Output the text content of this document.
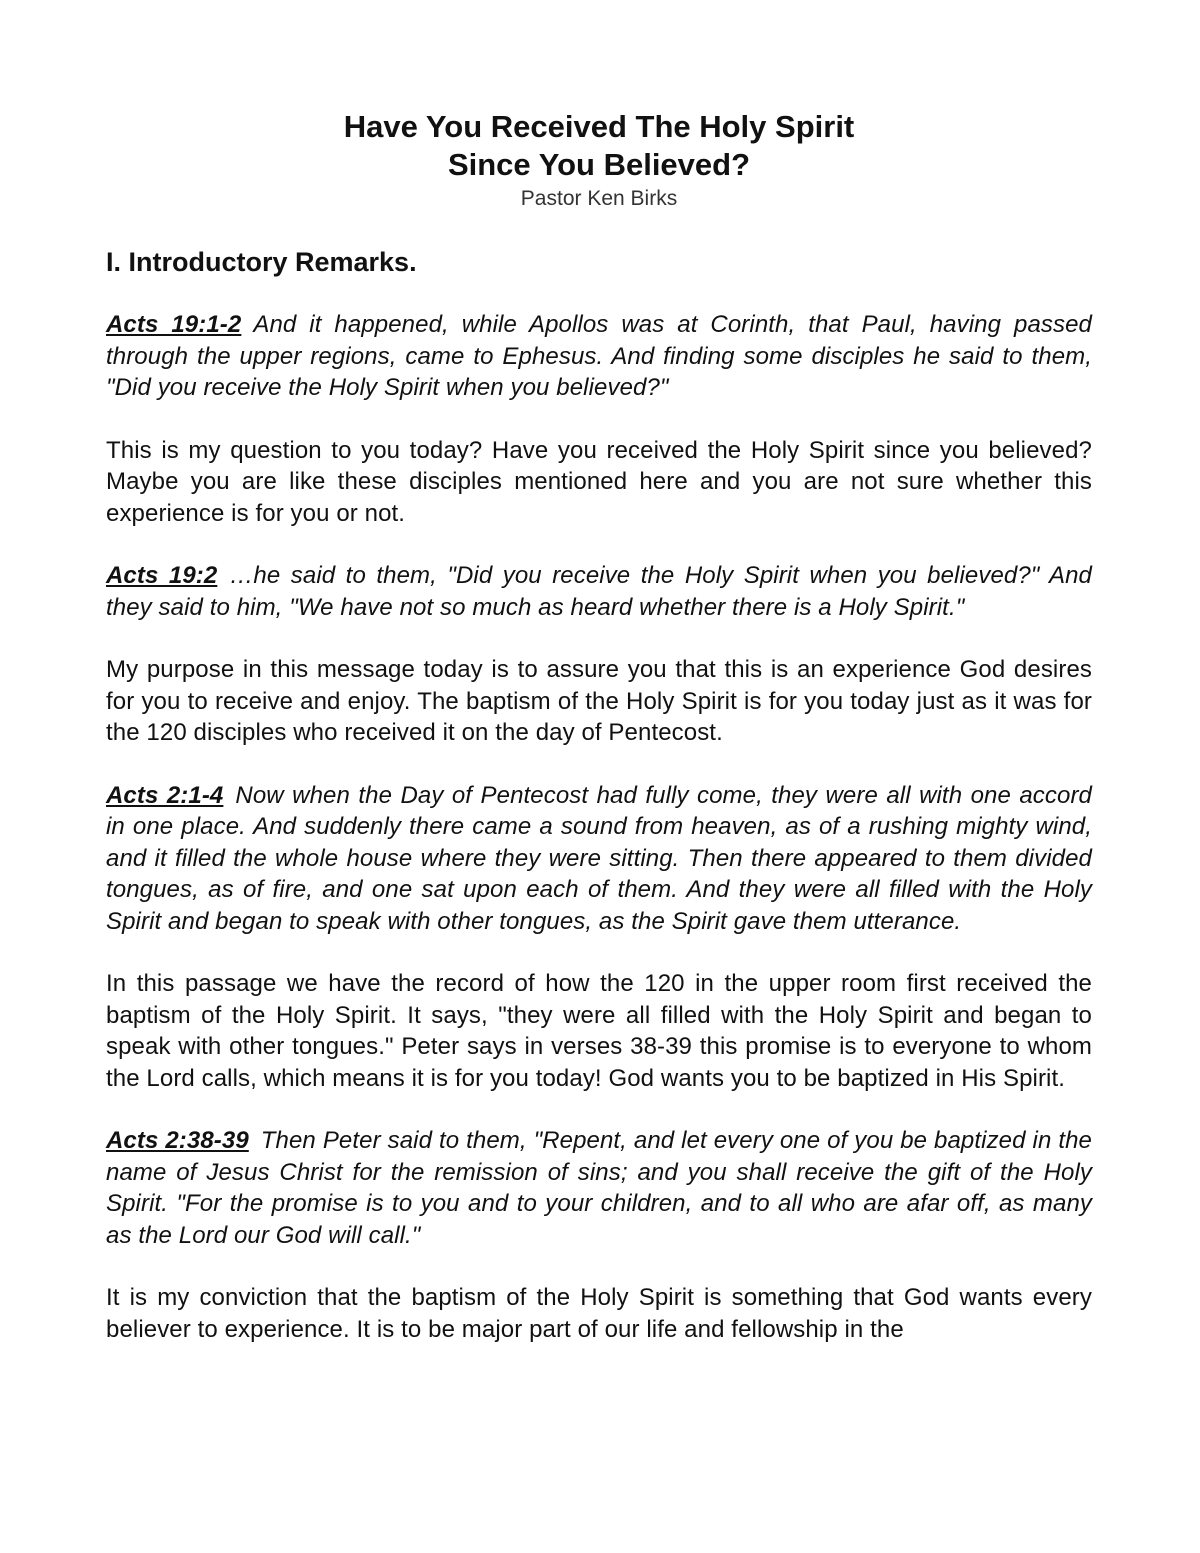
Have You Received The Holy Spirit
Since You Believed?

Pastor Ken Birks

I. Introductory Remarks.

Acts 19:1-2 And it happened, while Apollos was at Corinth, that Paul, having passed through the upper regions, came to Ephesus. And finding some disciples he said to them, "Did you receive the Holy Spirit when you believed?"

This is my question to you today? Have you received the Holy Spirit since you believed? Maybe you are like these disciples mentioned here and you are not sure whether this experience is for you or not.

Acts 19:2 …he said to them, "Did you receive the Holy Spirit when you believed?" And they said to him, "We have not so much as heard whether there is a Holy Spirit."

My purpose in this message today is to assure you that this is an experience God desires for you to receive and enjoy. The baptism of the Holy Spirit is for you today just as it was for the 120 disciples who received it on the day of Pentecost.

Acts 2:1-4 Now when the Day of Pentecost had fully come, they were all with one accord in one place. And suddenly there came a sound from heaven, as of a rushing mighty wind, and it filled the whole house where they were sitting. Then there appeared to them divided tongues, as of fire, and one sat upon each of them. And they were all filled with the Holy Spirit and began to speak with other tongues, as the Spirit gave them utterance.

In this passage we have the record of how the 120 in the upper room first received the baptism of the Holy Spirit. It says, "they were all filled with the Holy Spirit and began to speak with other tongues." Peter says in verses 38-39 this promise is to everyone to whom the Lord calls, which means it is for you today! God wants you to be baptized in His Spirit.

Acts 2:38-39 Then Peter said to them, "Repent, and let every one of you be baptized in the name of Jesus Christ for the remission of sins; and you shall receive the gift of the Holy Spirit. "For the promise is to you and to your children, and to all who are afar off, as many as the Lord our God will call."

It is my conviction that the baptism of the Holy Spirit is something that God wants every believer to experience. It is to be major part of our life and fellowship in the
